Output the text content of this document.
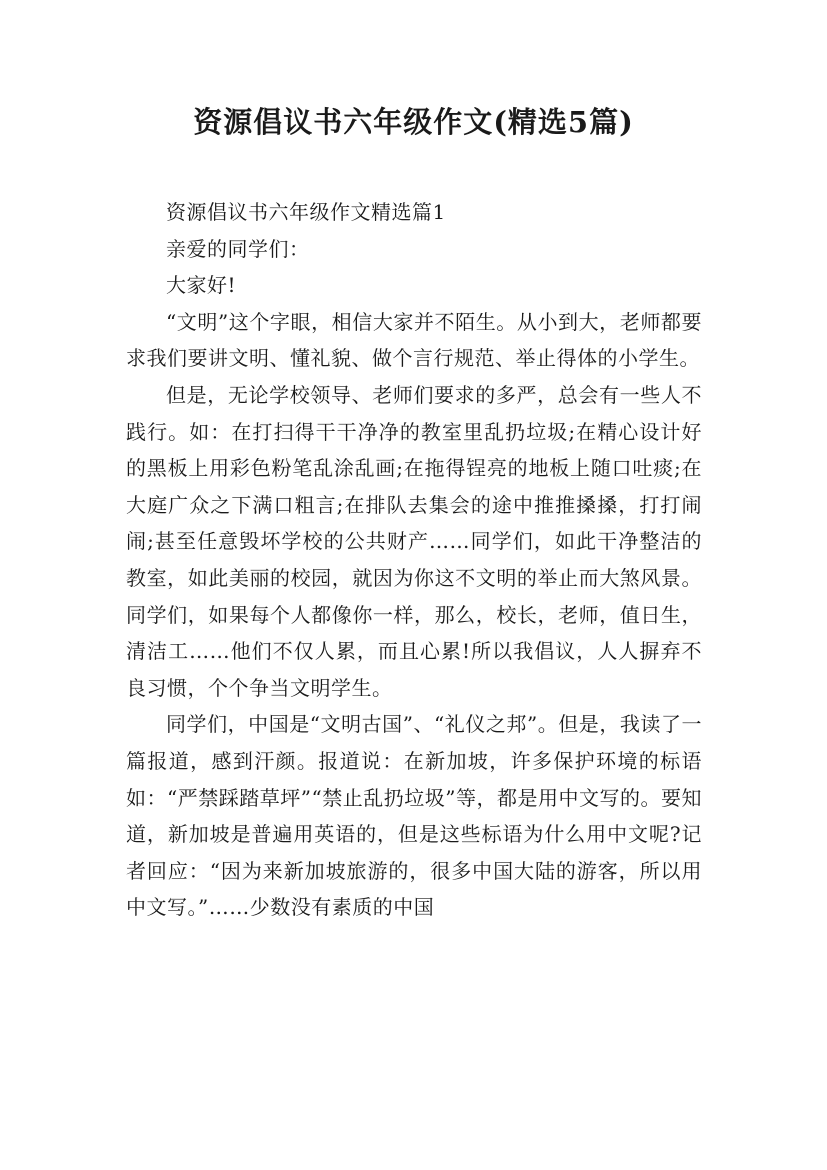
资源倡议书六年级作文(精选5篇)

资源倡议书六年级作文精选篇1

亲爱的同学们：

大家好!

“文明”这个字眼，相信大家并不陌生。从小到大，老师都要求我们要讲文明、懂礼貌、做个言行规范、举止得体的小学生。

但是，无论学校领导、老师们要求的多严，总会有一些人不践行。如：在打扫得干干净净的教室里乱扔垃圾;在精心设计好的黑板上用彩色粉笔乱涂乱画;在拖得锃亮的地板上随口吐痰;在大庭广众之下满口粗言;在排队去集会的途中推推搡搡，打打闹闹;甚至任意毁坏学校的公共财产……同学们，如此干净整洁的教室，如此美丽的校园，就因为你这不文明的举止而大煞风景。同学们，如果每个人都像你一样，那么，校长，老师，值日生，清洁工……他们不仅人累，而且心累!所以我倡议，人人摒弃不良习惯，个个争当文明学生。

同学们，中国是“文明古国”、“礼仪之邦”。但是，我读了一篇报道，感到汗颜。报道说：在新加坡，许多保护环境的标语如：“严禁踩踏草坪”“禁止乱扔垃圾”等，都是用中文写的。要知道，新加坡是普遍用英语的，但是这些标语为什么用中文呢?记者回应：“因为来新加坡旅游的，很多中国大陆的游客，所以用中文写。”……少数没有素质的中国
